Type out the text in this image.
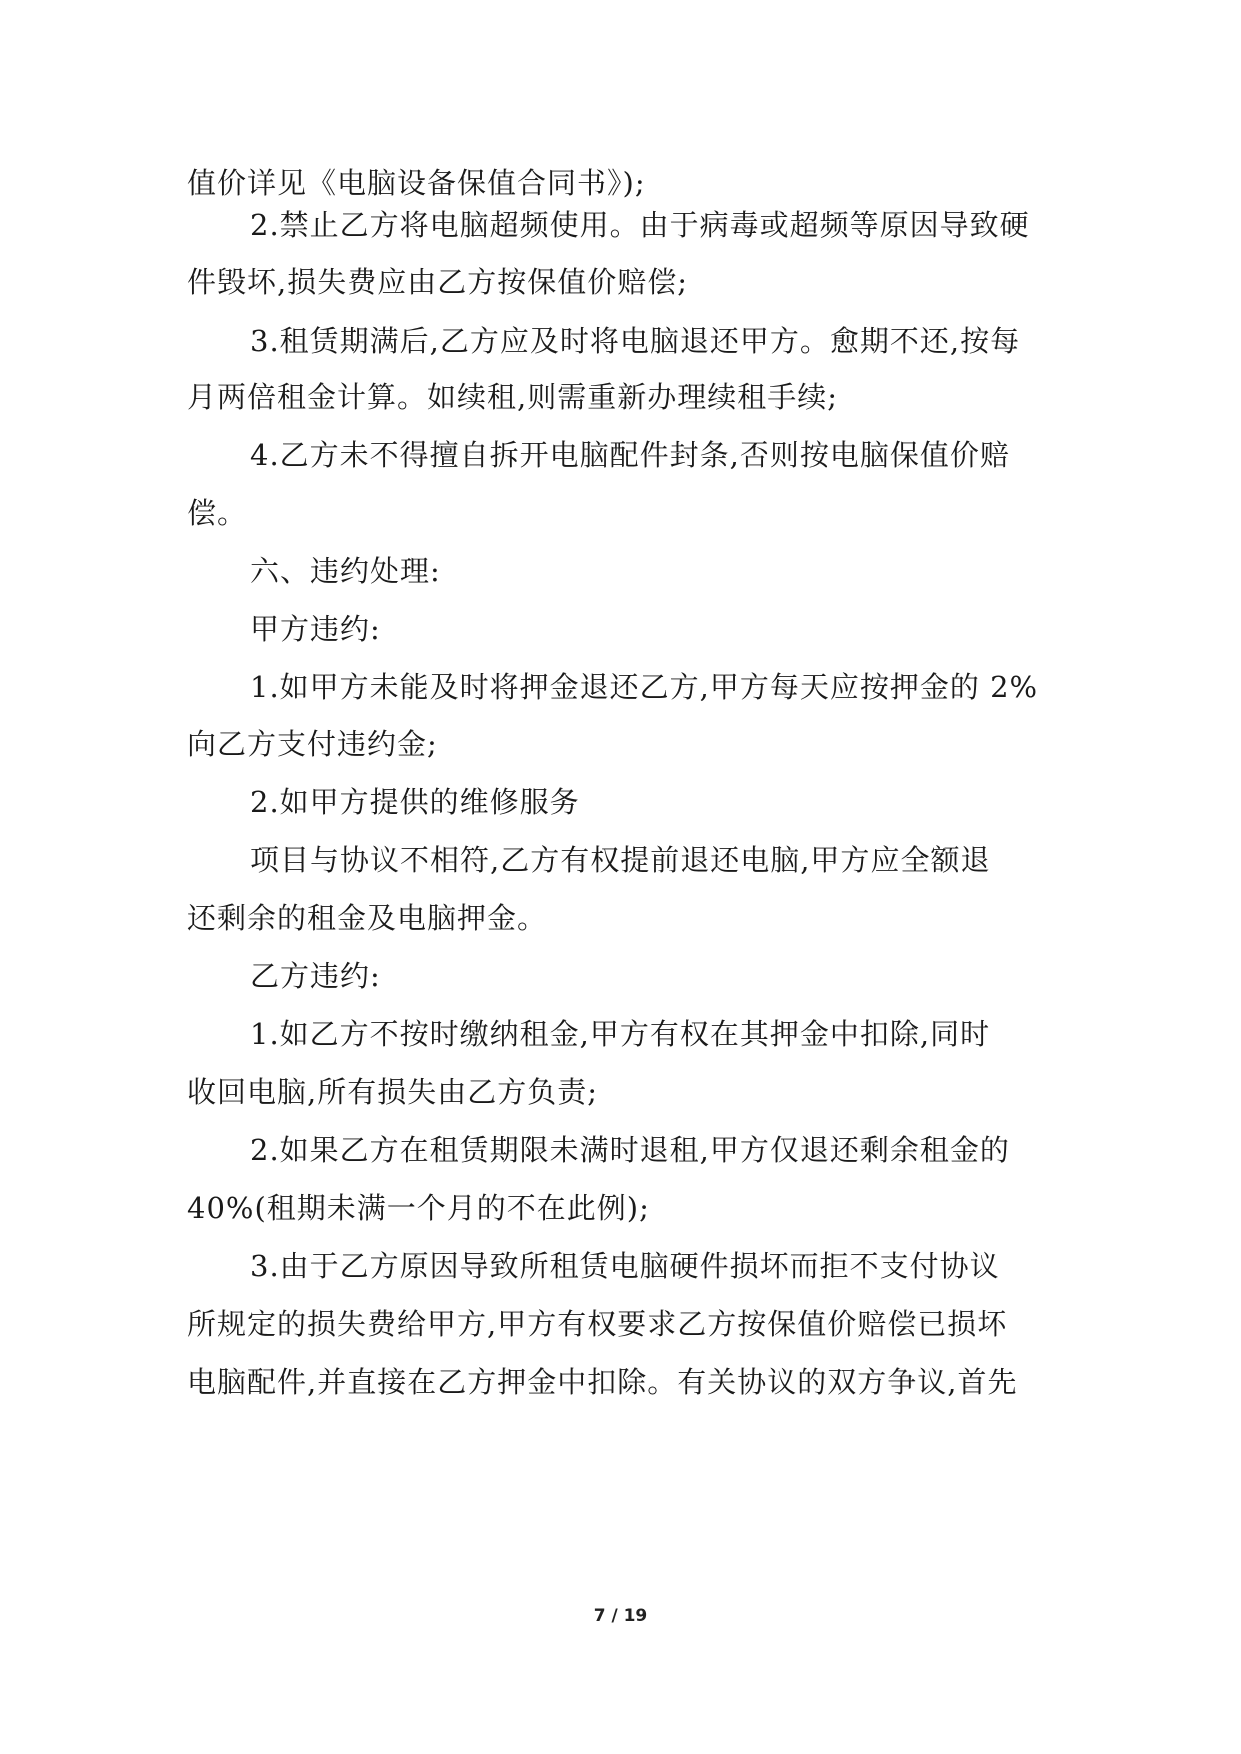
值价详见《电脑设备保值合同书》);
2.禁止乙方将电脑超频使用。由于病毒或超频等原因导致硬
件毁坏,损失费应由乙方按保值价赔偿;
3.租赁期满后,乙方应及时将电脑退还甲方。愈期不还,按每
月两倍租金计算。如续租,则需重新办理续租手续;
4.乙方未不得擅自拆开电脑配件封条,否则按电脑保值价赔
偿。
六、违约处理:
甲方违约:
1.如甲方未能及时将押金退还乙方,甲方每天应按押金的 2%
向乙方支付违约金;
2.如甲方提供的维修服务
项目与协议不相符,乙方有权提前退还电脑,甲方应全额退
还剩余的租金及电脑押金。
乙方违约:
1.如乙方不按时缴纳租金,甲方有权在其押金中扣除,同时
收回电脑,所有损失由乙方负责;
2.如果乙方在租赁期限未满时退租,甲方仅退还剩余租金的
40%(租期未满一个月的不在此例);
3.由于乙方原因导致所租赁电脑硬件损坏而拒不支付协议
所规定的损失费给甲方,甲方有权要求乙方按保值价赔偿已损坏
电脑配件,并直接在乙方押金中扣除。有关协议的双方争议,首先
7 / 19
